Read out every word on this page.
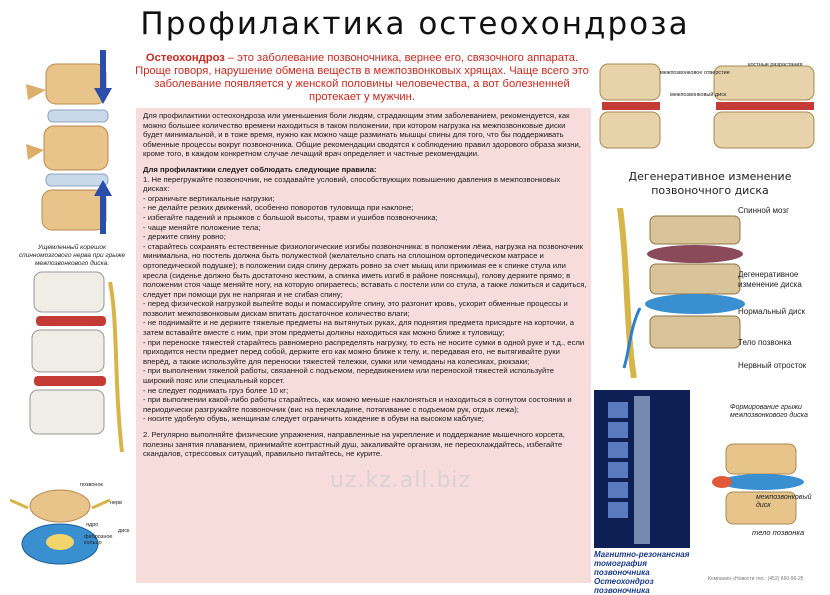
Профилактика остеохондроза
Остеохондроз – это заболевание позвоночника, вернее его, связочного аппарата. Проще говоря, нарушение обмена веществ в межпозвонковых хрящах. Чаще всего это заболевание появляется у женской половины человечества, а вот болезненней протекает у мужчин.

Для профилактики остеохондроза или уменьшения боли людям, страдающим этим заболеванием, рекомендуется, как можно большее количество времени находиться в таком положении, при котором нагрузка на межпозвонковые диски будет минимальной, и в тоже время, нужно как можно чаще разминать мышцы спины для того, что бы поддерживать обменные процессы вокруг позвоночника. Общие рекомендации сводятся к соблюдению правил здорового образа жизни, кроме того, в каждом конкретном случае лечащий врач определяет и частные рекомендации.

Для профилактики следует соблюдать следующие правила:

1. Не перегружайте позвоночник, не создавайте условий, способствующих повышению давления в межпозвонковых дисках:

- ограничьте вертикальные нагрузки;

- не делайте резких движений, особенно поворотов туловища при наклоне;

- избегайте падений и прыжков с большой высоты, травм и ушибов позвоночника;

- чаще меняйте положение тела;

- держите спину ровно;

- старайтесь сохранять естественные физиологические изгибы позвоночника: в положении лёжа, нагрузка на позвоночник минимальна, но постель должна быть полужесткой (желательно спать на сплошном ортопедическом матрасе и ортопедической подушке); в положении сидя спину держать ровно за счет мышц или прижимая ее к спинке стула или кресла (сиденье должно быть достаточно жестким, а спинка иметь изгиб в районе поясницы), голову держите прямо; в положении стоя чаще меняйте ногу, на которую опираетесь; вставать с постели или со стула, а также ложиться и садиться, следует при помощи рук не напрягая и не сгибая спину;

- перед физической нагрузкой выпейте воды и помассируйте спину, это разгонит кровь, ускорит обменные процессы и позволит межпозвонковым дискам впитать достаточное количество влаги;

- не поднимайте и не держите тяжелые предметы на вытянутых руках, для поднятия предмета присядьте на корточки, а затем вставайте вместе с ним, при этом предметы должны находиться как можно ближе к туловищу;

- при переноске тяжестей старайтесь равномерно распределять нагрузку, то есть не носите сумки в одной руке и т.д., если приходится нести предмет перед собой, держите его как можно ближе к телу, и, передавая его, не вытягивайте руки вперёд, а также используйте для переноски тяжестей тележки, сумки или чемоданы на колесиках, рюкзаки;

- при выполнении тяжелой работы, связанной с подъемом, передвижением или переноской тяжестей используйте широкий пояс или специальный корсет.

- не следует поднимать груз более 10 кг;

- при выполнении какой-либо работы старайтесь, как можно меньше наклоняться и находиться в согнутом состоянии и периодически разгружайте позвоночник (вис на перекладине, потягивание с подъемом рук, отдых лежа);

- носите удобную обувь, женщинам следует ограничить хождение в обуви на высоком каблуке;

2. Регулярно выполняйте физические упражнения, направленные на укрепление и поддержание мышечного корсета, полезны занятия плаванием, принимайте контрастный душ, закаливайте организм, не переохлаждайтесь, избегайте скандалов, стрессовых ситуаций, правильно питайтесь, не курите.

Ущемленный корешок спинномозгового нерва при грыже межпозвонкового диска.
позвонок
нерв
ядро
фиброзное кольцо
диск
межпозвонковое отверстие
костные разрастания
межпозвонковый диск
Дегенеративное изменение позвоночного диска
Спинной мозг
Дегенеративное изменение диска
Нормальный диск
Тело позвонка
Нервный отросток
Магнитно-резонансная томография позвоночника Остеохондроз позвоночника
Формирование грыжи межпозвонкового диска
межпозвонковый диск
тело позвонка
uz.kz.all.biz
Компания «Новости тел.: (452) 660-96-25
